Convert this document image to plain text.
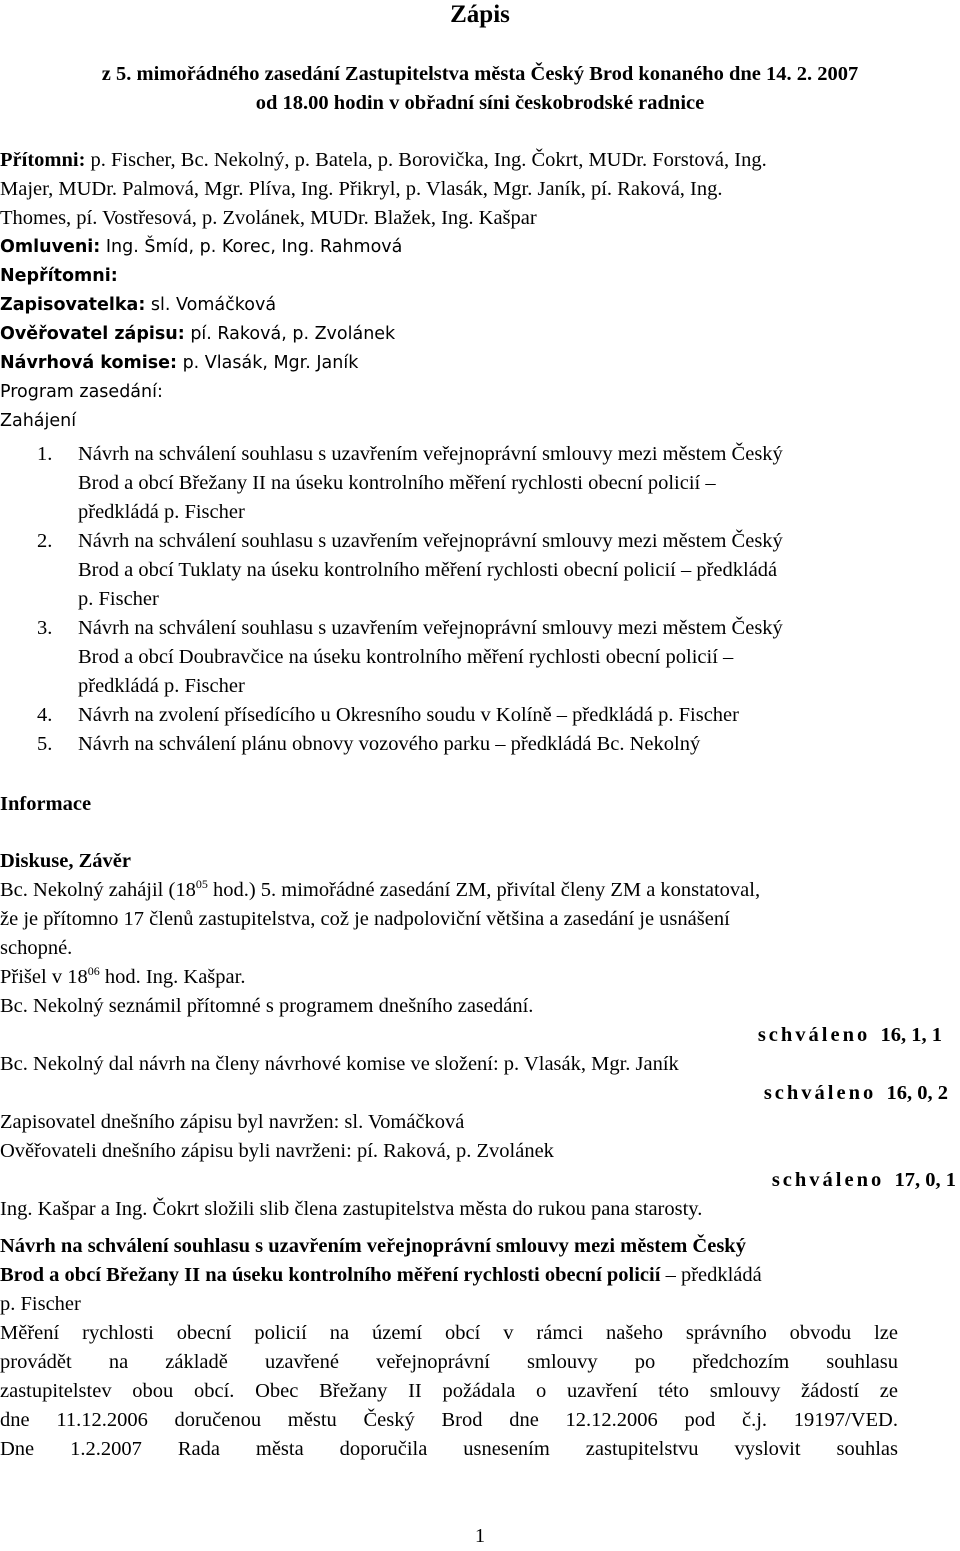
Zápis
z 5. mimořádného zasedání Zastupitelstva města Český Brod konaného dne 14. 2. 2007
od 18.00 hodin v obřadní síni českobrodské radnice
Přítomni: p. Fischer, Bc. Nekolný, p. Batela, p. Borovička, Ing. Čokrt, MUDr. Forstová, Ing.
Majer, MUDr. Palmová, Mgr. Plíva, Ing. Přikryl, p. Vlasák, Mgr. Janík, pí. Raková, Ing.
Thomes, pí. Vostřesová, p. Zvolánek, MUDr. Blažek, Ing. Kašpar
Omluveni: Ing. Šmíd, p. Korec, Ing. Rahmová
Nepřítomni:
Zapisovatelka: sl. Vomáčková
Ověřovatel zápisu: pí. Raková, p. Zvolánek
Návrhová komise: p. Vlasák, Mgr. Janík
Program zasedání:
Zahájení
1.	Návrh na schválení souhlasu s uzavřením veřejnoprávní smlouvy mezi městem Český
Brod a obcí Břežany II na úseku kontrolního měření rychlosti obecní policií –
předkládá p. Fischer
2.	Návrh na schválení souhlasu s uzavřením veřejnoprávní smlouvy mezi městem Český
Brod a obcí Tuklaty na úseku kontrolního měření rychlosti obecní policií – předkládá
p. Fischer
3.	Návrh na schválení souhlasu s uzavřením veřejnoprávní smlouvy mezi městem Český
Brod a obcí Doubravčice na úseku kontrolního měření rychlosti obecní policií –
předkládá p. Fischer
4.	Návrh na zvolení přísedícího u Okresního soudu v Kolíně – předkládá p. Fischer
5.	Návrh na schválení plánu obnovy vozového parku – předkládá Bc. Nekolný
Informace
Diskuse, Závěr
Bc. Nekolný zahájil ($18^{05}$ hod.) 5. mimořádné zasedání ZM, přivítal členy ZM a konstatoval,
že je přítomno 17 členů zastupitelstva, což je nadpoloviční většina a zasedání je usnášení
schopné.
Přišel v $18^{06}$ hod. Ing. Kašpar.
Bc. Nekolný seznámil přítomné s programem dnešního zasedání.
schváleno 16, 1, 1
Bc. Nekolný dal návrh na členy návrhové komise ve složení: p. Vlasák, Mgr. Janík
schváleno 16, 0, 2
Zapisovatel dnešního zápisu byl navržen: sl. Vomáčková
Ověřovateli dnešního zápisu byli navrženi: pí. Raková, p. Zvolánek
schváleno 17, 0, 1
Ing. Kašpar a Ing. Čokrt složili slib člena zastupitelstva města do rukou pana starosty.
Návrh na schválení souhlasu s uzavřením veřejnoprávní smlouvy mezi městem Český
Brod a obcí Břežany II na úseku kontrolního měření rychlosti obecní policií – předkládá
p. Fischer
Měření rychlosti obecní policií na území obcí v rámci našeho správního obvodu lze
provádět na základě uzavřené veřejnoprávní smlouvy po předchozím souhlasu
zastupitelstev obou obcí. Obec Břežany II požádala o uzavření této smlouvy žádostí ze
dne 11.12.2006 doručenou městu Český Brod dne 12.12.2006 pod č.j. 19197/VED.
Dne 1.2.2007 Rada města doporučila usnesením zastupitelstvu vyslovit souhlas
1
